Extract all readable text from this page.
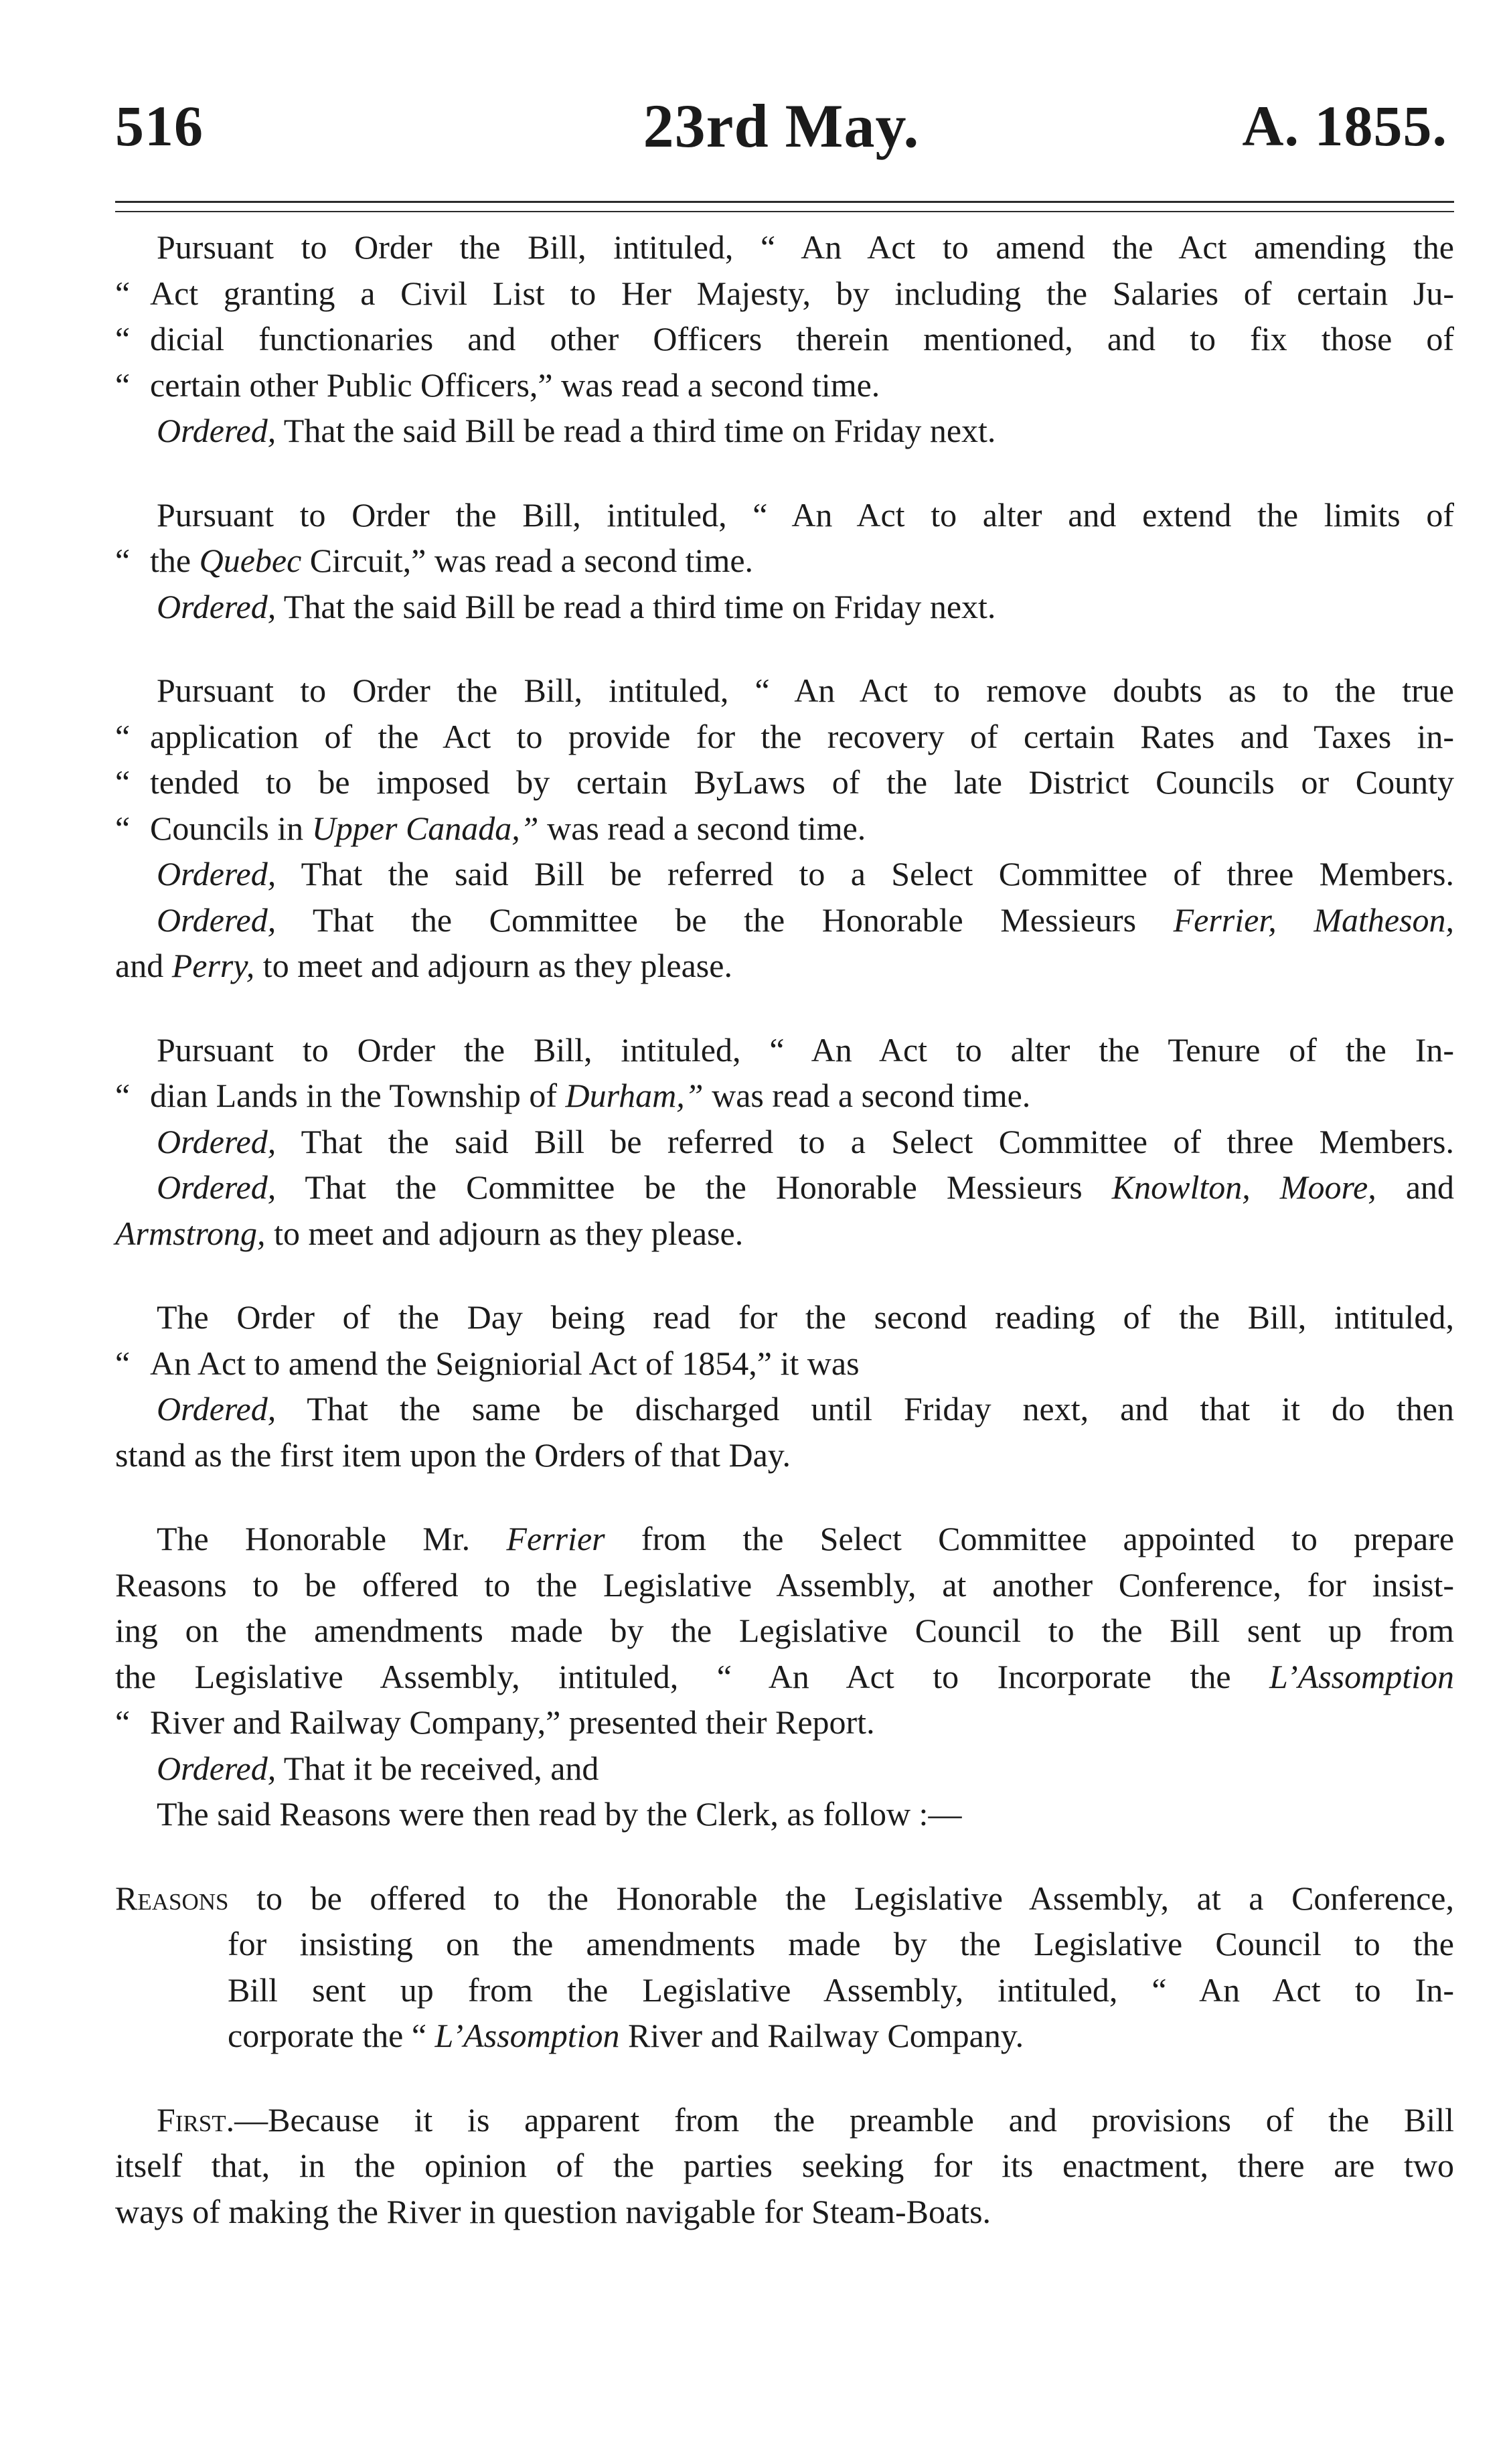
516	23rd May.	A. 1855.
Pursuant to Order the Bill, intituled, “ An Act to amend the Act amending the
“ Act granting a Civil List to Her Majesty, by including the Salaries of certain Ju-
“ dicial functionaries and other Officers therein mentioned, and to fix those of
“ certain other Public Officers,” was read a second time.
Ordered, That the said Bill be read a third time on Friday next.
Pursuant to Order the Bill, intituled, “ An Act to alter and extend the limits of
“ the Quebec Circuit,” was read a second time.
Ordered, That the said Bill be read a third time on Friday next.
Pursuant to Order the Bill, intituled, “ An Act to remove doubts as to the true
“ application of the Act to provide for the recovery of certain Rates and Taxes in-
“ tended to be imposed by certain ByLaws of the late District Councils or County
“ Councils in Upper Canada,” was read a second time.
Ordered, That the said Bill be referred to a Select Committee of three Members.
Ordered, That the Committee be the Honorable Messieurs Ferrier, Matheson,
and Perry, to meet and adjourn as they please.
Pursuant to Order the Bill, intituled, “ An Act to alter the Tenure of the In-
“ dian Lands in the Township of Durham,” was read a second time.
Ordered, That the said Bill be referred to a Select Committee of three Members.
Ordered, That the Committee be the Honorable Messieurs Knowlton, Moore, and
Armstrong, to meet and adjourn as they please.
The Order of the Day being read for the second reading of the Bill, intituled,
“ An Act to amend the Seigniorial Act of 1854,” it was
Ordered, That the same be discharged until Friday next, and that it do then
stand as the first item upon the Orders of that Day.
The Honorable Mr. Ferrier from the Select Committee appointed to prepare
Reasons to be offered to the Legislative Assembly, at another Conference, for insist-
ing on the amendments made by the Legislative Council to the Bill sent up from
the Legislative Assembly, intituled, “ An Act to Incorporate the L’Assomption
“ River and Railway Company,” presented their Report.
Ordered, That it be received, and
The said Reasons were then read by the Clerk, as follow :—
Reasons to be offered to the Honorable the Legislative Assembly, at a Conference,
for insisting on the amendments made by the Legislative Council to the
Bill sent up from the Legislative Assembly, intituled, “ An Act to In-
corporate the “ L’Assomption River and Railway Company.
First.—Because it is apparent from the preamble and provisions of the Bill
itself that, in the opinion of the parties seeking for its enactment, there are two
ways of making the River in question navigable for Steam-Boats.
